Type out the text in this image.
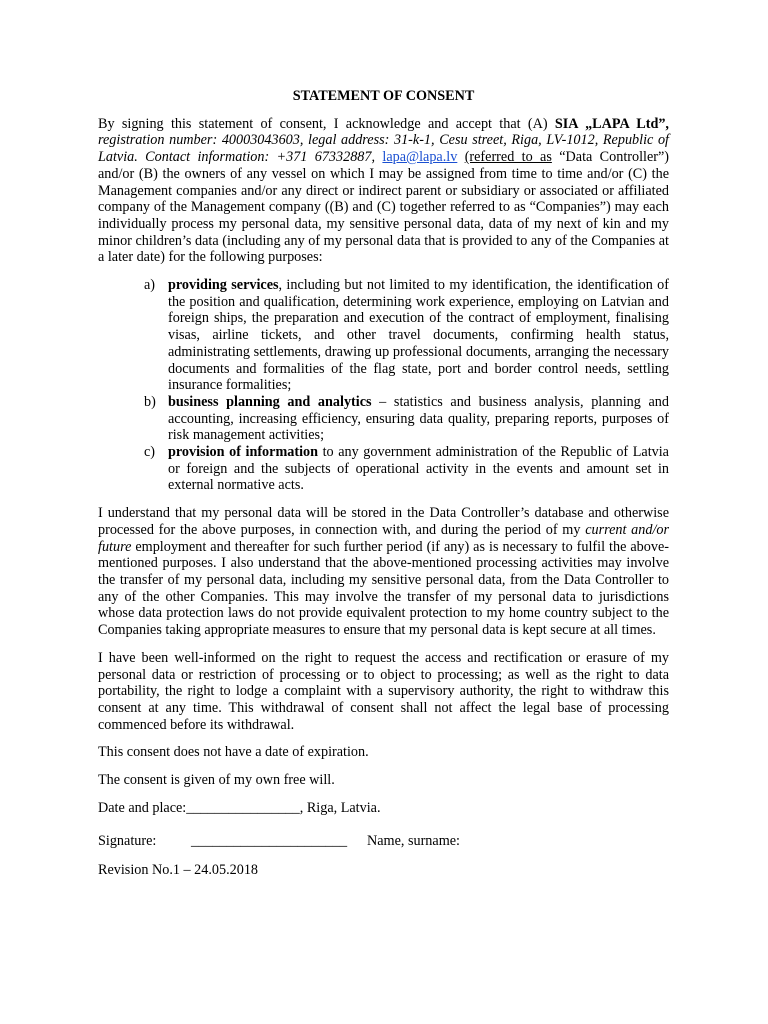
STATEMENT OF CONSENT

By signing this statement of consent, I acknowledge and accept that (A) SIA „LAPA Ltd”, registration number: 40003043603, legal address: 31-k-1, Cesu street, Riga, LV-1012, Republic of Latvia. Contact information: +371 67332887, lapa@lapa.lv (referred to as “Data Controller”) and/or (B) the owners of any vessel on which I may be assigned from time to time and/or (C) the Management companies and/or any direct or indirect parent or subsidiary or associated or affiliated company of the Management company ((B) and (C) together referred to as “Companies”) may each individually process my personal data, my sensitive personal data, data of my next of kin and my minor children’s data (including any of my personal data that is provided to any of the Companies at a later date) for the following purposes:

a) providing services, including but not limited to my identification, the identification of the position and qualification, determining work experience, employing on Latvian and foreign ships, the preparation and execution of the contract of employment, finalising visas, airline tickets, and other travel documents, confirming health status, administrating settlements, drawing up professional documents, arranging the necessary documents and formalities of the flag state, port and border control needs, settling insurance formalities;
b) business planning and analytics – statistics and business analysis, planning and accounting, increasing efficiency, ensuring data quality, preparing reports, purposes of risk management activities;
c) provision of information to any government administration of the Republic of Latvia or foreign and the subjects of operational activity in the events and amount set in external normative acts.

I understand that my personal data will be stored in the Data Controller’s database and otherwise processed for the above purposes, in connection with, and during the period of my current and/or future employment and thereafter for such further period (if any) as is necessary to fulfil the above-mentioned purposes. I also understand that the above-mentioned processing activities may involve the transfer of my personal data, including my sensitive personal data, from the Data Controller to any of the other Companies. This may involve the transfer of my personal data to jurisdictions whose data protection laws do not provide equivalent protection to my home country subject to the Companies taking appropriate measures to ensure that my personal data is kept secure at all times.

I have been well-informed on the right to request the access and rectification or erasure of my personal data or restriction of processing or to object to processing; as well as the right to data portability, the right to lodge a complaint with a supervisory authority, the right to withdraw this consent at any time. This withdrawal of consent shall not affect the legal base of processing commenced before its withdrawal.

This consent does not have a date of expiration.

The consent is given of my own free will.

Date and place:________________, Riga, Latvia.

Signature:	______________________	Name, surname:

Revision No.1 – 24.05.2018
